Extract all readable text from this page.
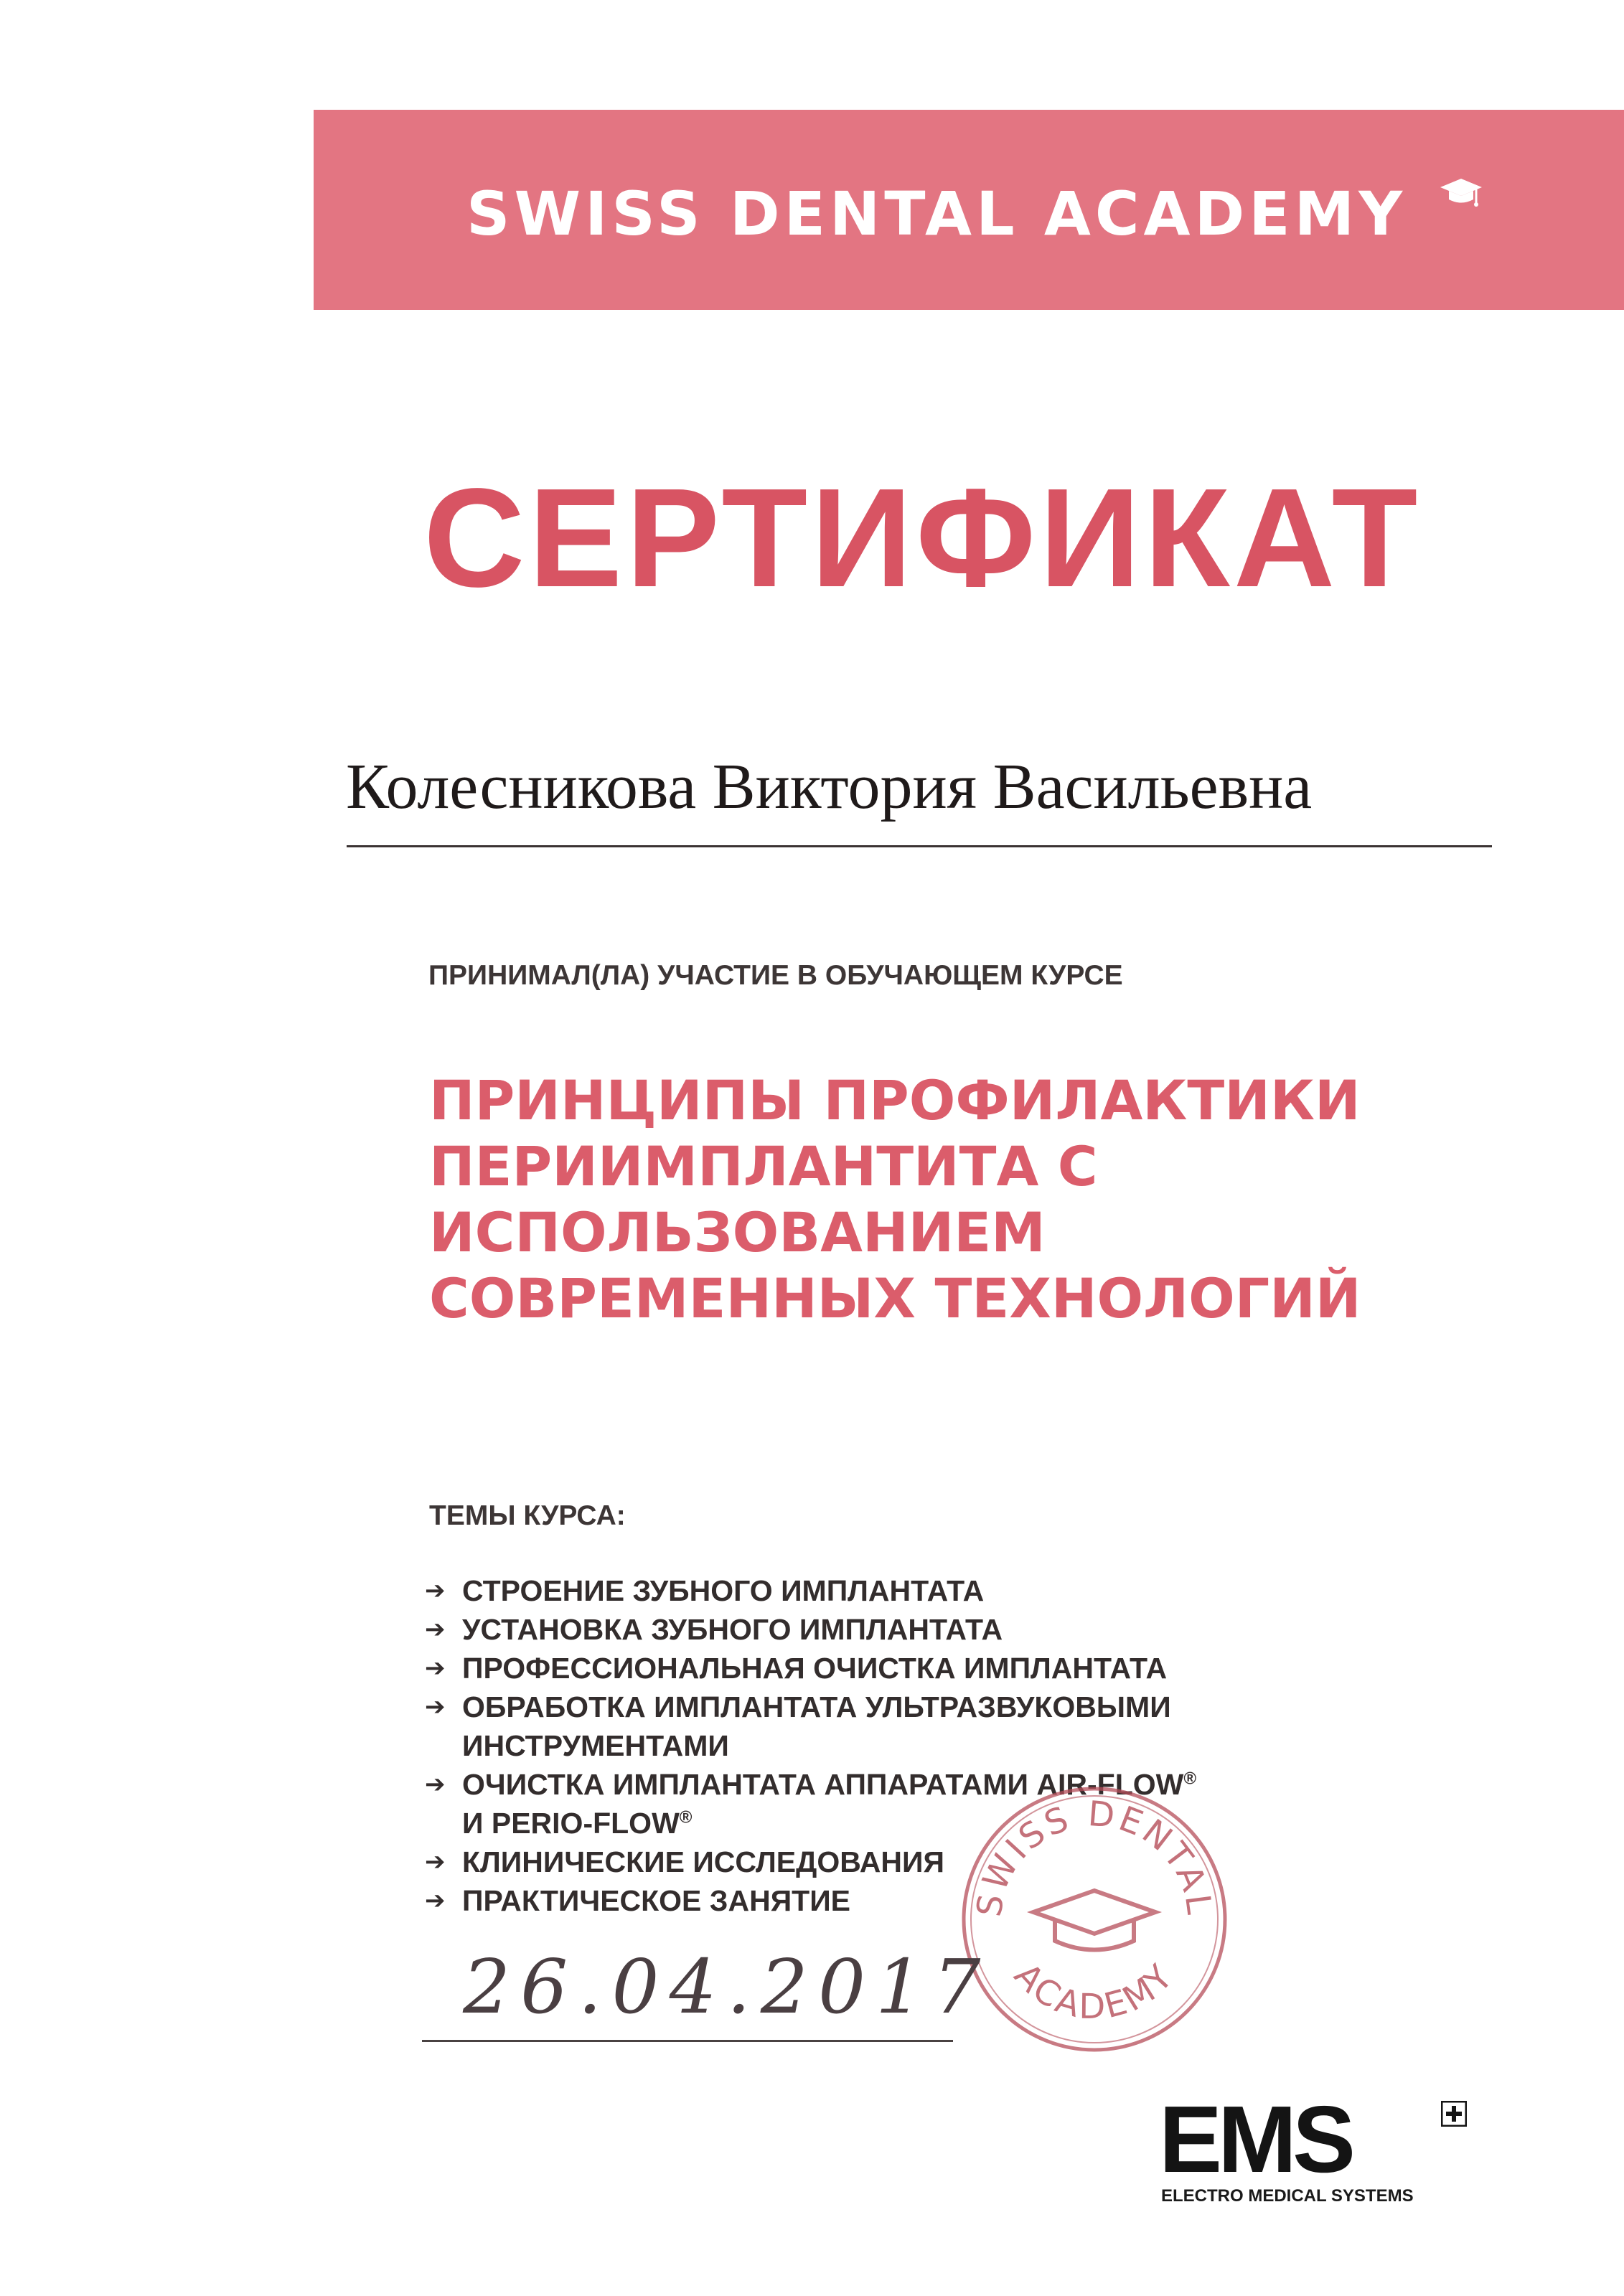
SWISS DENTAL ACADEMY
СЕРТИФИКАТ
Колесникова Виктория Васильевна
ПРИНИМАЛ(ЛА) УЧАСТИЕ В ОБУЧАЮЩЕМ КУРСЕ
ПРИНЦИПЫ ПРОФИЛАКТИКИ
ПЕРИИМПЛАНТИТА С
ИСПОЛЬЗОВАНИЕМ
СОВРЕМЕННЫХ ТЕХНОЛОГИЙ
ТЕМЫ КУРСА:
➔ СТРОЕНИЕ ЗУБНОГО ИМПЛАНТАТА
➔ УСТАНОВКА ЗУБНОГО ИМПЛАНТАТА
➔ ПРОФЕССИОНАЛЬНАЯ ОЧИСТКА ИМПЛАНТАТА
➔ ОБРАБОТКА ИМПЛАНТАТА УЛЬТРАЗВУКОВЫМИ
ИНСТРУМЕНТАМИ
➔ ОЧИСТКА ИМПЛАНТАТА АППАРАТАМИ AIR-FLOW®
И PERIO-FLOW®
➔ КЛИНИЧЕСКИЕ ИССЛЕДОВАНИЯ
➔ ПРАКТИЧЕСКОЕ ЗАНЯТИЕ	SWISS DENTAL
ACADEMY
26.04.2017
EMS
ELECTRO MEDICAL SYSTEMS
